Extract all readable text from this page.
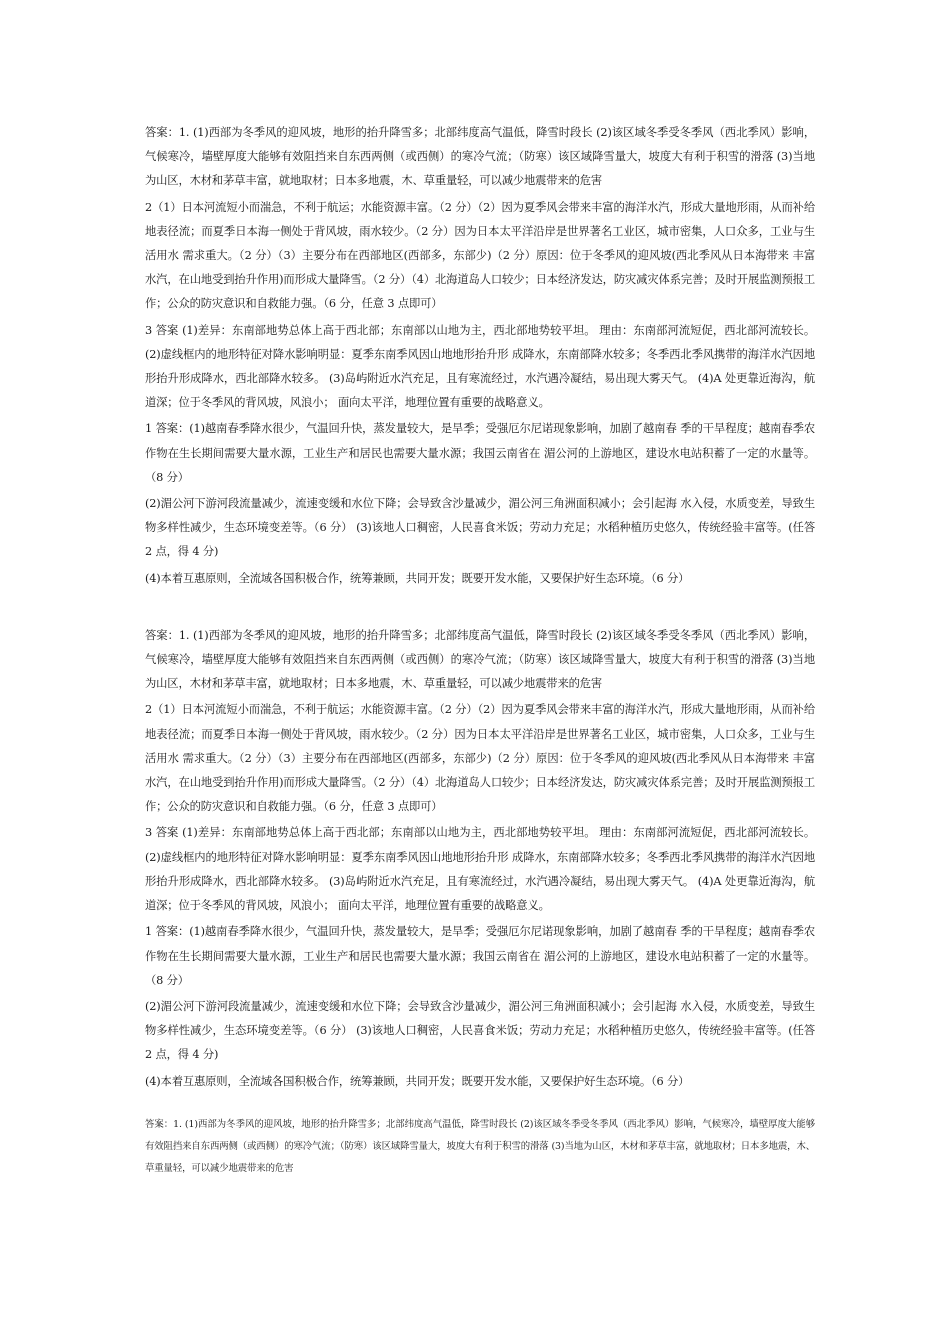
答案：1. (1)西部为冬季风的迎风坡，地形的抬升降雪多；北部纬度高气温低，降雪时段长 (2)该区域冬季受冬季风（西北季风）影响，气候寒冷，墙壁厚度大能够有效阻挡来自东西两侧（或西侧）的寒冷气流；（防寒）该区域降雪量大，坡度大有利于积雪的滑落 (3)当地为山区，木材和茅草丰富，就地取材；日本多地震，木、草重量轻，可以减少地震带来的危害

2（1）日本河流短小而湍急，不利于航运；水能资源丰富。（2 分）（2）因为夏季风会带来丰富的海洋水汽，形成大量地形雨，从而补给地表径流；而夏季日本海一侧处于背风坡，雨水较少。（2 分）因为日本太平洋沿岸是世界著名工业区，城市密集，人口众多，工业与生活用水 需求重大。（2 分）（3）主要分布在西部地区(西部多，东部少)（2 分）原因：位于冬季风的迎风坡(西北季风从日本海带来 丰富水汽，在山地受到抬升作用)而形成大量降雪。（2 分）（4）北海道岛人口较少；日本经济发达，防灾减灾体系完善；及时开展监测预报工作；公众的防灾意识和自救能力强。（6 分，任意 3 点即可）

3 答案 (1)差异：东南部地势总体上高于西北部；东南部以山地为主，西北部地势较平坦。 理由：东南部河流短促，西北部河流较长。(2)虚线框内的地形特征对降水影响明显：夏季东南季风因山地地形抬升形 成降水，东南部降水较多；冬季西北季风携带的海洋水汽因地形抬升形成降水，西北部降水较多。 (3)岛屿附近水汽充足，且有寒流经过，水汽遇冷凝结，易出现大雾天气。 (4)A 处更靠近海沟，航道深；位于冬季风的背风坡，风浪小； 面向太平洋，地理位置有重要的战略意义。

1 答案：(1)越南春季降水很少，气温回升快，蒸发量较大，是旱季；受强厄尔尼诺现象影响，加剧了越南春 季的干旱程度；越南春季农作物在生长期间需要大量水源，工业生产和居民也需要大量水源；我国云南省在 湄公河的上游地区，建设水电站积蓄了一定的水量等。（8 分）

(2)湄公河下游河段流量减少，流速变缓和水位下降；会导致含沙量减少，湄公河三角洲面积减小；会引起海 水入侵，水质变差，导致生物多样性减少，生态环境变差等。（6 分） (3)该地人口稠密，人民喜食米饭；劳动力充足；水稻种植历史悠久，传统经验丰富等。(任答 2 点，得 4 分)

(4)本着互惠原则，全流域各国积极合作，统筹兼顾，共同开发；既要开发水能，又要保护好生态环境。（6 分）

答案：1. (1)西部为冬季风的迎风坡，地形的抬升降雪多；北部纬度高气温低，降雪时段长 (2)该区域冬季受冬季风（西北季风）影响，气候寒冷，墙壁厚度大能够有效阻挡来自东西两侧（或西侧）的寒冷气流；（防寒）该区域降雪量大，坡度大有利于积雪的滑落 (3)当地为山区，木材和茅草丰富，就地取材；日本多地震，木、草重量轻，可以减少地震带来的危害

2（1）日本河流短小而湍急，不利于航运；水能资源丰富。（2 分）（2）因为夏季风会带来丰富的海洋水汽，形成大量地形雨，从而补给地表径流；而夏季日本海一侧处于背风坡，雨水较少。（2 分）因为日本太平洋沿岸是世界著名工业区，城市密集，人口众多，工业与生活用水 需求重大。（2 分）（3）主要分布在西部地区(西部多，东部少)（2 分）原因：位于冬季风的迎风坡(西北季风从日本海带来 丰富水汽，在山地受到抬升作用)而形成大量降雪。（2 分）（4）北海道岛人口较少；日本经济发达，防灾减灾体系完善；及时开展监测预报工作；公众的防灾意识和自救能力强。（6 分，任意 3 点即可）

3 答案 (1)差异：东南部地势总体上高于西北部；东南部以山地为主，西北部地势较平坦。 理由：东南部河流短促，西北部河流较长。(2)虚线框内的地形特征对降水影响明显：夏季东南季风因山地地形抬升形 成降水，东南部降水较多；冬季西北季风携带的海洋水汽因地形抬升形成降水，西北部降水较多。 (3)岛屿附近水汽充足，且有寒流经过，水汽遇冷凝结，易出现大雾天气。 (4)A 处更靠近海沟，航道深；位于冬季风的背风坡，风浪小； 面向太平洋，地理位置有重要的战略意义。

1 答案：(1)越南春季降水很少，气温回升快，蒸发量较大，是旱季；受强厄尔尼诺现象影响，加剧了越南春 季的干旱程度；越南春季农作物在生长期间需要大量水源，工业生产和居民也需要大量水源；我国云南省在 湄公河的上游地区，建设水电站积蓄了一定的水量等。（8 分）

(2)湄公河下游河段流量减少，流速变缓和水位下降；会导致含沙量减少，湄公河三角洲面积减小；会引起海 水入侵，水质变差，导致生物多样性减少，生态环境变差等。（6 分） (3)该地人口稠密，人民喜食米饭；劳动力充足；水稻种植历史悠久，传统经验丰富等。(任答 2 点，得 4 分)

(4)本着互惠原则，全流域各国积极合作，统筹兼顾，共同开发；既要开发水能，又要保护好生态环境。（6 分）

答案：1. (1)西部为冬季风的迎风坡，地形的抬升降雪多；北部纬度高气温低，降雪时段长 (2)该区域冬季受冬季风（西北季风）影响，气候寒冷，墙壁厚度大能够有效阻挡来自东西两侧（或西侧）的寒冷气流；（防寒）该区域降雪量大，坡度大有利于积雪的滑落 (3)当地为山区，木材和茅草丰富，就地取材；日本多地震，木、草重量轻，可以减少地震带来的危害
